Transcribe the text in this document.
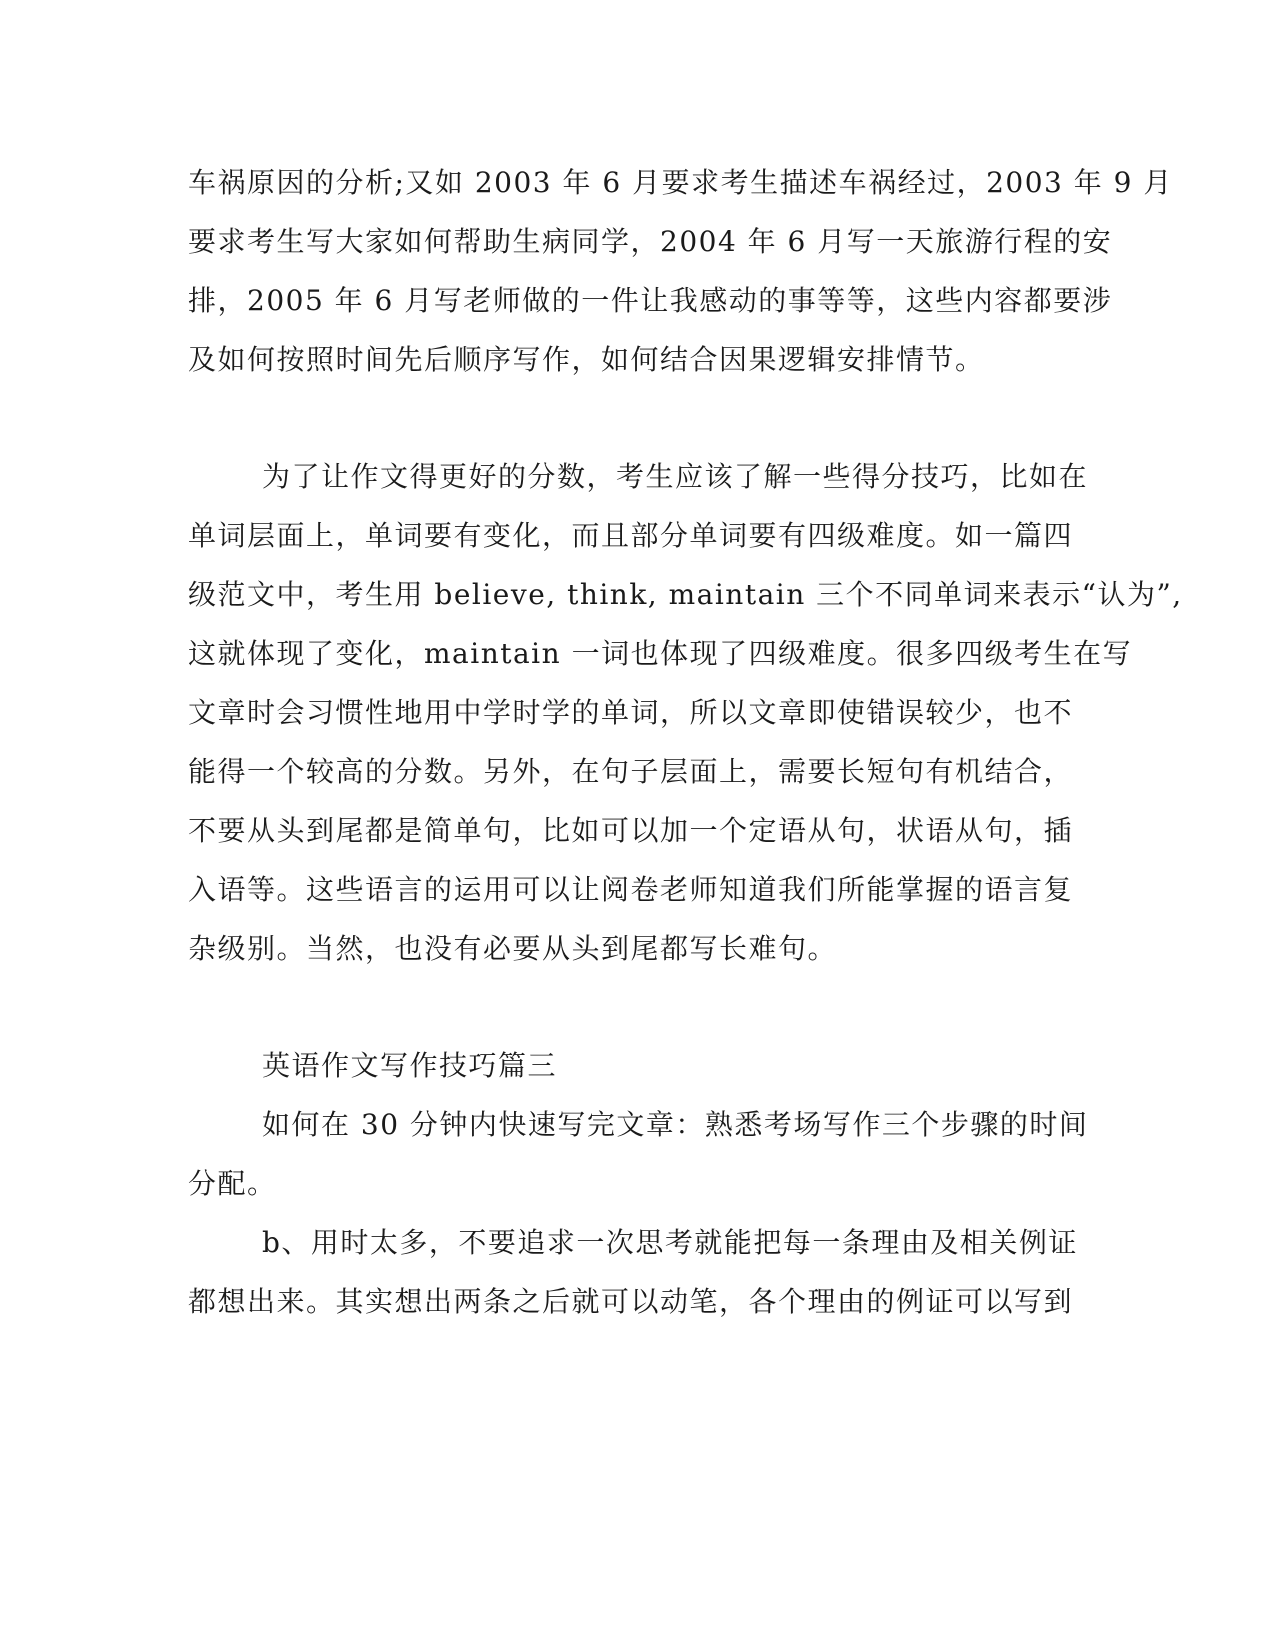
车祸原因的分析;又如 2003 年 6 月要求考生描述车祸经过，2003 年 9 月
要求考生写大家如何帮助生病同学，2004 年 6 月写一天旅游行程的安
排，2005 年 6 月写老师做的一件让我感动的事等等，这些内容都要涉
及如何按照时间先后顺序写作，如何结合因果逻辑安排情节。
为了让作文得更好的分数，考生应该了解一些得分技巧，比如在
单词层面上，单词要有变化，而且部分单词要有四级难度。如一篇四
级范文中，考生用 believe, think, maintain 三个不同单词来表示“认为”,
这就体现了变化，maintain 一词也体现了四级难度。很多四级考生在写
文章时会习惯性地用中学时学的单词，所以文章即使错误较少，也不
能得一个较高的分数。另外，在句子层面上，需要长短句有机结合，
不要从头到尾都是简单句，比如可以加一个定语从句，状语从句，插
入语等。这些语言的运用可以让阅卷老师知道我们所能掌握的语言复
杂级别。当然，也没有必要从头到尾都写长难句。
英语作文写作技巧篇三
如何在 30 分钟内快速写完文章：熟悉考场写作三个步骤的时间
分配。
b、用时太多，不要追求一次思考就能把每一条理由及相关例证
都想出来。其实想出两条之后就可以动笔，各个理由的例证可以写到
